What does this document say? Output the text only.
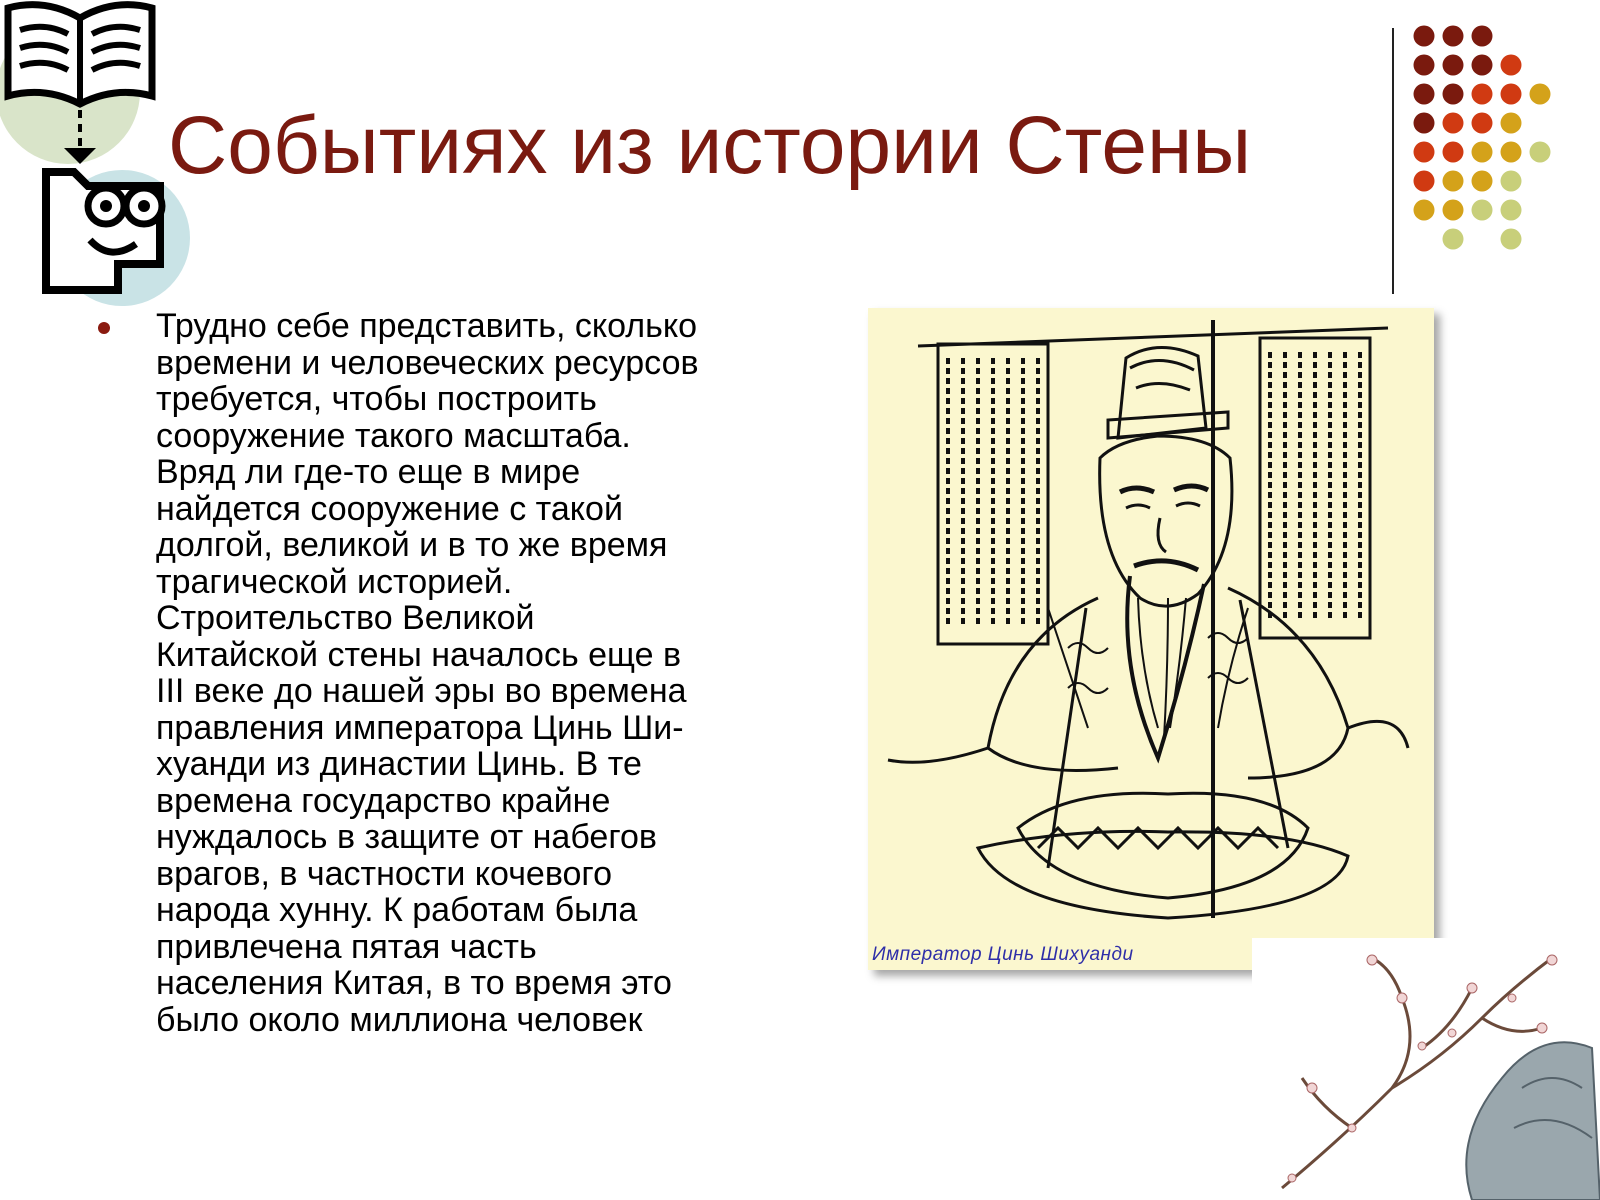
Событиях из истории Стены
Трудно себе представить, сколько
времени и человеческих ресурсов
требуется, чтобы построить
сооружение такого масштаба.
Вряд ли где-то еще в мире
найдется сооружение с такой
долгой, великой и в то же время
трагической историей.
Строительство Великой
Китайской стены началось еще в
III веке до нашей эры во времена
правления императора Цинь Ши-
хуанди из династии Цинь. В те
времена государство крайне
нуждалось в защите от набегов
врагов, в частности кочевого
народа хунну. К работам была
привлечена пятая часть
населения Китая, в то время это
было около миллиона человек
Император Цинь Шихуанди
